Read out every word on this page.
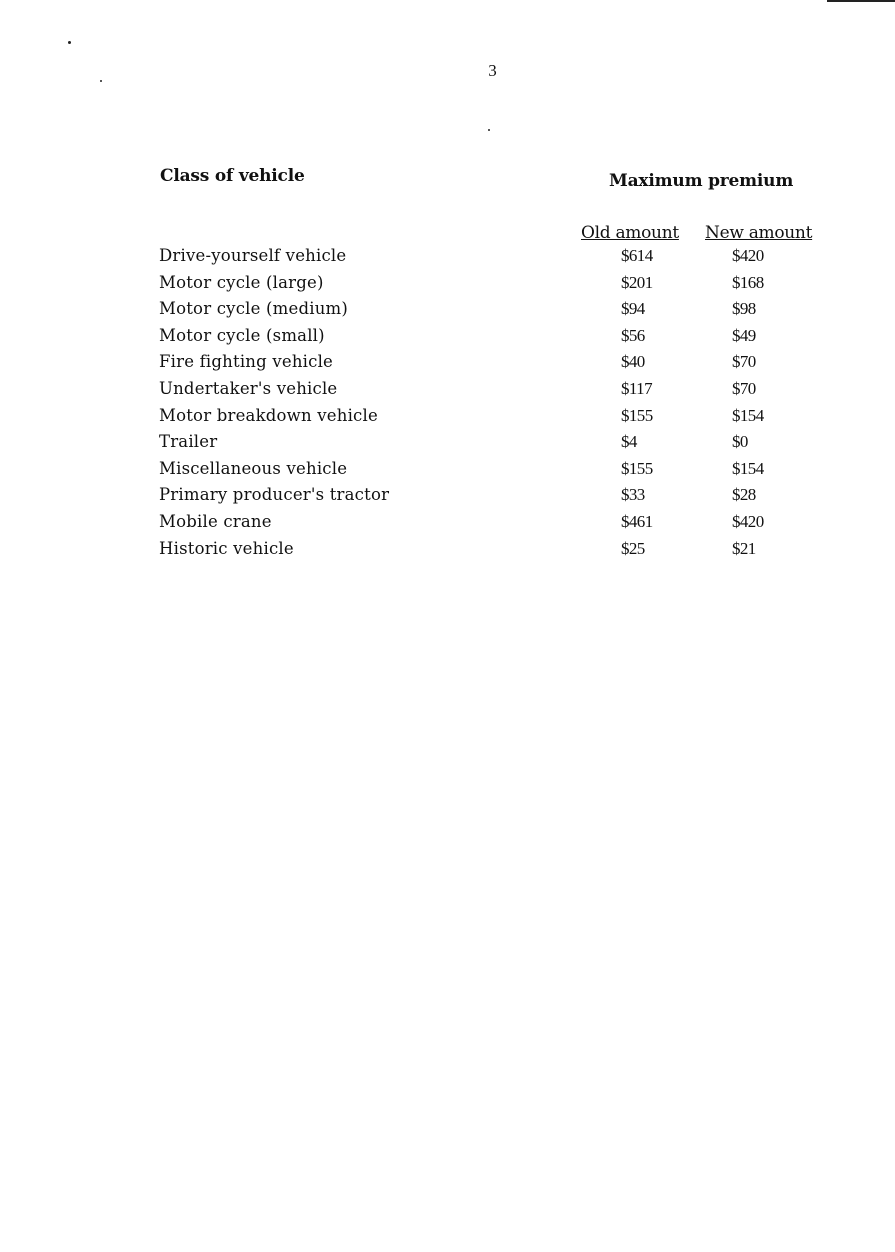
3
Class of vehicle	Maximum premium
Old amount New amount
Drive-yourself vehicle	$614	$420
Motor cycle (large)	$201	$168
Motor cycle (medium)	$94	$98
Motor cycle (small)	$56	$49
Fire fighting vehicle	$40	$70
Undertaker's vehicle	$117	$70
Motor breakdown vehicle	$155	$154
Trailer	$4	$0
Miscellaneous vehicle	$155	$154
Primary producer's tractor	$33	$28
Mobile crane	$461	$420
Historic vehicle	$25	$21
